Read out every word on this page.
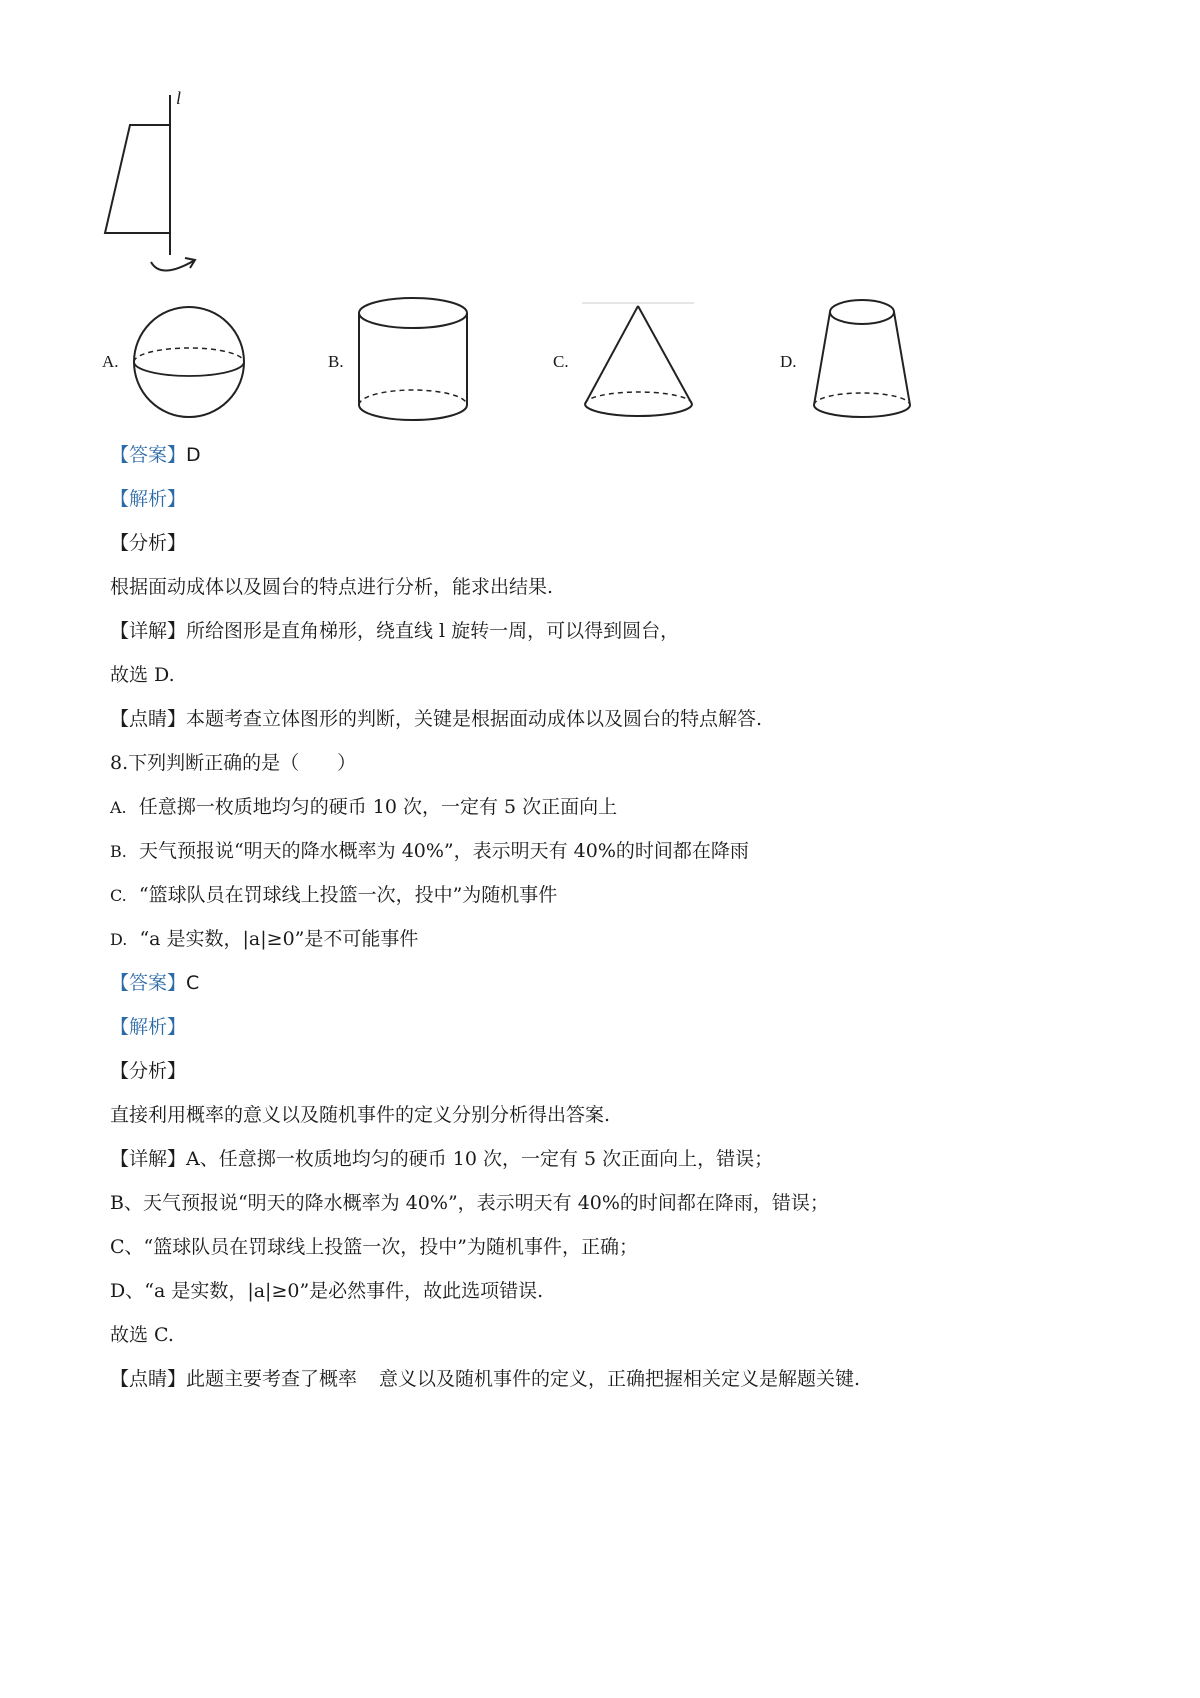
l
A.	B.	C.	D.
【答案】D
【解析】
【分析】
根据面动成体以及圆台的特点进行分析，能求出结果.
【详解】所给图形是直角梯形，绕直线 l 旋转一周，可以得到圆台，
故选 D.
【点睛】本题考查立体图形的判断，关键是根据面动成体以及圆台的特点解答.
8.下列判断正确的是（　　）
A. 任意掷一枚质地均匀的硬币 10 次，一定有 5 次正面向上
B. 天气预报说“明天的降水概率为 40%”，表示明天有 40%的时间都在降雨
C. “篮球队员在罚球线上投篮一次，投中”为随机事件
D. “a 是实数，|a|≥0”是不可能事件
【答案】C
【解析】
【分析】
直接利用概率的意义以及随机事件的定义分别分析得出答案.
【详解】A、任意掷一枚质地均匀的硬币 10 次，一定有 5 次正面向上，错误；
B、天气预报说“明天的降水概率为 40%”，表示明天有 40%的时间都在降雨，错误；
C、“篮球队员在罚球线上投篮一次，投中”为随机事件，正确；
D、“a 是实数，|a|≥0”是必然事件，故此选项错误.
故选 C.
【点睛】此题主要考查了概率 意义以及随机事件的定义，正确把握相关定义是解题关键.
